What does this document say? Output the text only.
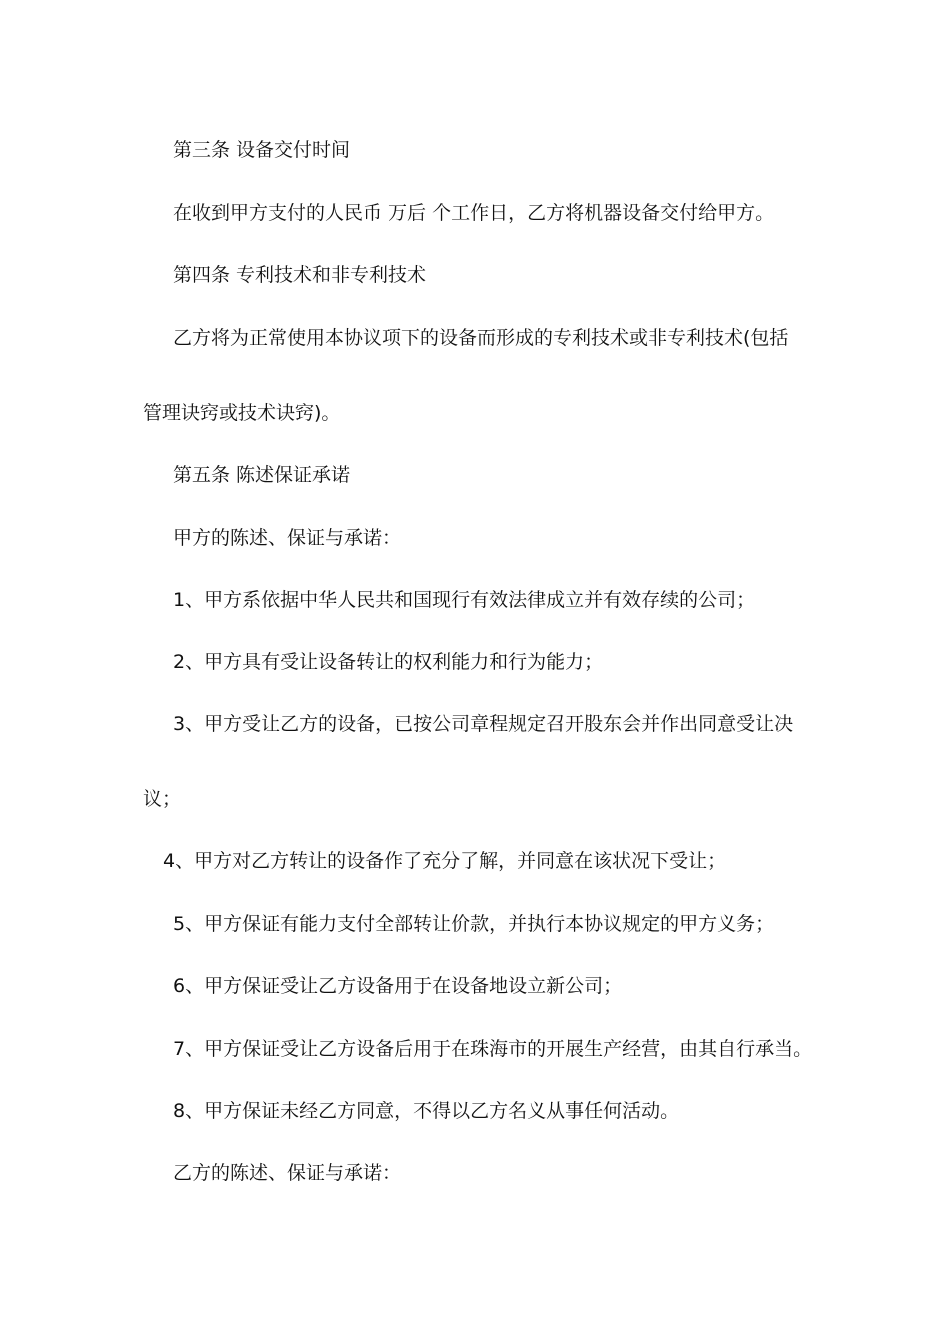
第三条 设备交付时间
在收到甲方支付的人民币 万后 个工作日，乙方将机器设备交付给甲方。
第四条 专利技术和非专利技术
乙方将为正常使用本协议项下的设备而形成的专利技术或非专利技术(包括
管理诀窍或技术诀窍)。
第五条 陈述保证承诺
甲方的陈述、保证与承诺：
1、甲方系依据中华人民共和国现行有效法律成立并有效存续的公司；
2、甲方具有受让设备转让的权利能力和行为能力；
3、甲方受让乙方的设备，已按公司章程规定召开股东会并作出同意受让决
议；
4、甲方对乙方转让的设备作了充分了解，并同意在该状况下受让；
5、甲方保证有能力支付全部转让价款，并执行本协议规定的甲方义务；
6、甲方保证受让乙方设备用于在设备地设立新公司；
7、甲方保证受让乙方设备后用于在珠海市的开展生产经营，由其自行承当。
8、甲方保证未经乙方同意，不得以乙方名义从事任何活动。
乙方的陈述、保证与承诺：
